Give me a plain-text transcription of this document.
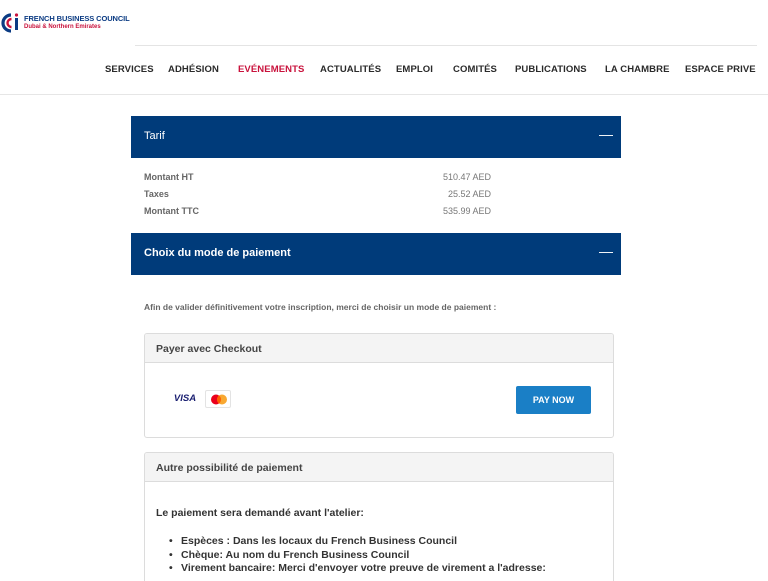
FRENCH BUSINESS COUNCIL
Dubai & Northern Emirates
SERVICES ADHÉSION EVÉNEMENTS ACTUALITÉS EMPLOI COMITÉS PUBLICATIONS LA CHAMBRE ESPACE PRIVE
Tarif	—
Montant HT	510.47 AED
Taxes	25.52 AED
Montant TTC	535.99 AED
Choix du mode de paiement	—

Afin de valider définitivement votre inscription, merci de choisir un mode de paiement :

Payer avec Checkout
VISA	PAY NOW
Autre possibilité de paiement

Le paiement sera demandé avant l'atelier:

• Espèces : Dans les locaux du French Business Council
• Chèque: Au nom du French Business Council
• Virement bancaire: Merci d'envoyer votre preuve de virement a l'adresse:
